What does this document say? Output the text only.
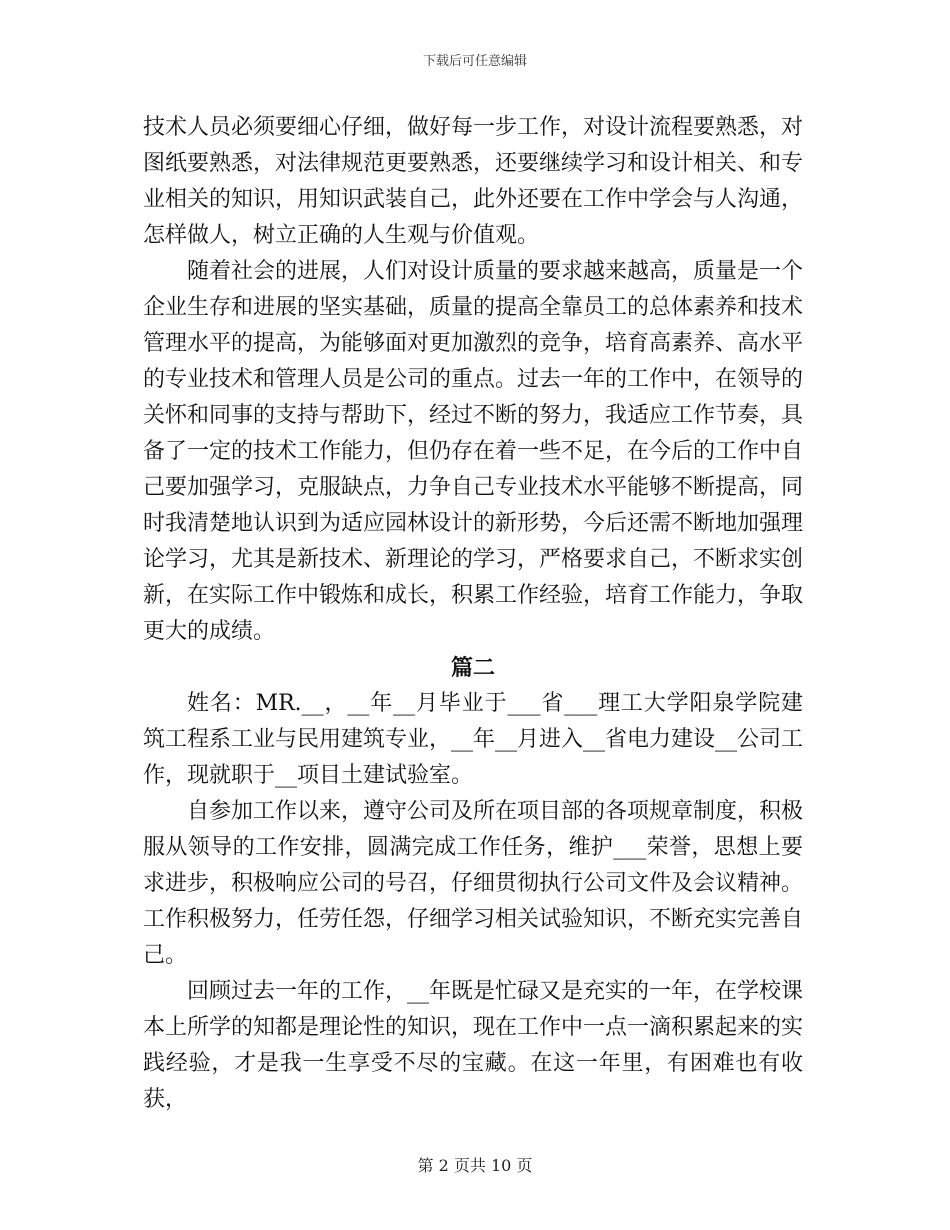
下载后可任意编辑

技术人员必须要细心仔细，做好每一步工作，对设计流程要熟悉，对图纸要熟悉，对法律规范更要熟悉，还要继续学习和设计相关、和专业相关的知识，用知识武装自己，此外还要在工作中学会与人沟通，怎样做人，树立正确的人生观与价值观。

随着社会的进展，人们对设计质量的要求越来越高，质量是一个企业生存和进展的坚实基础，质量的提高全靠员工的总体素养和技术管理水平的提高，为能够面对更加激烈的竞争，培育高素养、高水平的专业技术和管理人员是公司的重点。过去一年的工作中，在领导的关怀和同事的支持与帮助下，经过不断的努力，我适应工作节奏，具备了一定的技术工作能力，但仍存在着一些不足，在今后的工作中自己要加强学习，克服缺点，力争自己专业技术水平能够不断提高，同时我清楚地认识到为适应园林设计的新形势，今后还需不断地加强理论学习，尤其是新技术、新理论的学习，严格要求自己，不断求实创新，在实际工作中锻炼和成长，积累工作经验，培育工作能力，争取更大的成绩。

篇二

姓名：MR.__，__年__月毕业于___省___理工大学阳泉学院建筑工程系工业与民用建筑专业，__年__月进入__省电力建设__公司工作，现就职于__项目土建试验室。

自参加工作以来，遵守公司及所在项目部的各项规章制度，积极服从领导的工作安排，圆满完成工作任务，维护___荣誉，思想上要求进步，积极响应公司的号召，仔细贯彻执行公司文件及会议精神。工作积极努力，任劳任怨，仔细学习相关试验知识，不断充实完善自己。

回顾过去一年的工作，__年既是忙碌又是充实的一年，在学校课本上所学的知都是理论性的知识，现在工作中一点一滴积累起来的实践经验，才是我一生享受不尽的宝藏。在这一年里，有困难也有收获，

第 2 页共 10 页
